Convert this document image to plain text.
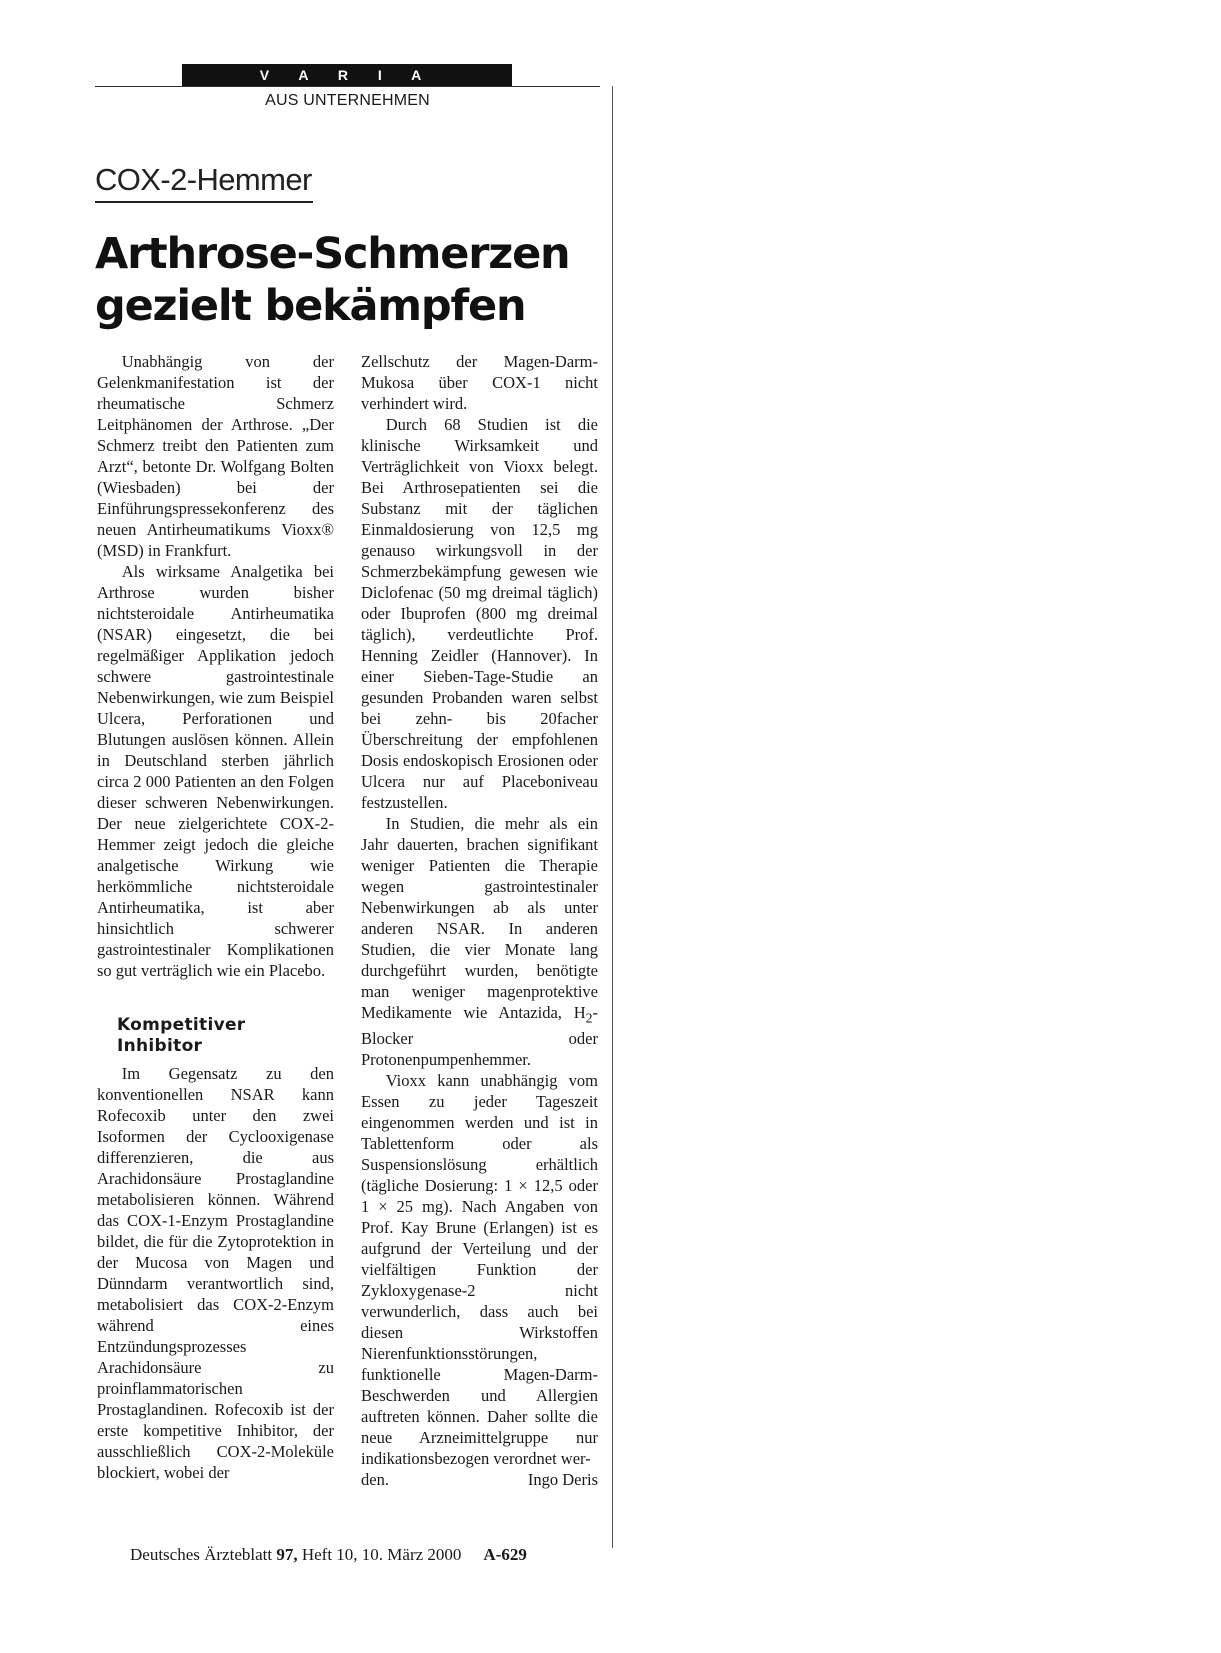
V A R I A
AUS UNTERNEHMEN
COX-2-Hemmer
Arthrose-Schmerzen
gezielt bekämpfen

Unabhängig von der Gelenkmanifestation ist der rheumatische Schmerz Leitphänomen der Arthrose. „Der Schmerz treibt den Patienten zum Arzt“, betonte Dr. Wolfgang Bolten (Wiesbaden) bei der Einführungspressekonferenz des neuen Antirheumatikums Vioxx® (MSD) in Frankfurt.

Als wirksame Analgetika bei Arthrose wurden bisher nichtsteroidale Antirheumatika (NSAR) eingesetzt, die bei regelmäßiger Applikation jedoch schwere gastrointestinale Nebenwirkungen, wie zum Beispiel Ulcera, Perforationen und Blutungen auslösen können. Allein in Deutschland sterben jährlich circa 2 000 Patienten an den Folgen dieser schweren Nebenwirkungen. Der neue zielgerichtete COX-2-Hemmer zeigt jedoch die gleiche analgetische Wirkung wie herkömmliche nichtsteroidale Antirheumatika, ist aber hinsichtlich schwerer gastrointestinaler Komplikationen so gut verträglich wie ein Placebo.

Kompetitiver
Inhibitor

Im Gegensatz zu den konventionellen NSAR kann Rofecoxib unter den zwei Isoformen der Cyclooxigenase differenzieren, die aus Arachidonsäure Prostaglandine metabolisieren können. Während das COX-1-Enzym Prostaglandine bildet, die für die Zytoprotektion in der Mucosa von Magen und Dünndarm verantwortlich sind, metabolisiert das COX-2-Enzym während eines Entzündungsprozesses Arachidonsäure zu proinflammatorischen Prostaglandinen. Rofecoxib ist der erste kompetitive Inhibitor, der ausschließlich COX-2-Moleküle blockiert, wobei der

Zellschutz der Magen-Darm-Mukosa über COX-1 nicht verhindert wird.

Durch 68 Studien ist die klinische Wirksamkeit und Verträglichkeit von Vioxx belegt. Bei Arthrosepatienten sei die Substanz mit der täglichen Einmaldosierung von 12,5 mg genauso wirkungsvoll in der Schmerzbekämpfung gewesen wie Diclofenac (50 mg dreimal täglich) oder Ibuprofen (800 mg dreimal täglich), verdeutlichte Prof. Henning Zeidler (Hannover). In einer Sieben-Tage-Studie an gesunden Probanden waren selbst bei zehn- bis 20facher Überschreitung der empfohlenen Dosis endoskopisch Erosionen oder Ulcera nur auf Placeboniveau festzustellen.

In Studien, die mehr als ein Jahr dauerten, brachen signifikant weniger Patienten die Therapie wegen gastrointestinaler Nebenwirkungen ab als unter anderen NSAR. In anderen Studien, die vier Monate lang durchgeführt wurden, benötigte man weniger magenprotektive Medikamente wie Antazida, $H_2$-Blocker oder Protonenpumpenhemmer.

Vioxx kann unabhängig vom Essen zu jeder Tageszeit eingenommen werden und ist in Tablettenform oder als Suspensionslösung erhältlich (tägliche Dosierung: 1 × 12,5 oder 1 × 25 mg). Nach Angaben von Prof. Kay Brune (Erlangen) ist es aufgrund der Verteilung und der vielfältigen Funktion der Zykloxygenase-2 nicht verwunderlich, dass auch bei diesen Wirkstoffen Nierenfunktionsstörungen, funktionelle Magen-Darm-Beschwerden und Allergien auftreten können. Daher sollte die neue Arzneimittelgruppe nur indikationsbezogen verordnet wer-

den.	Ingo Deris
Deutsches Ärzteblatt 97, Heft 10, 10. März 2000 A-629
